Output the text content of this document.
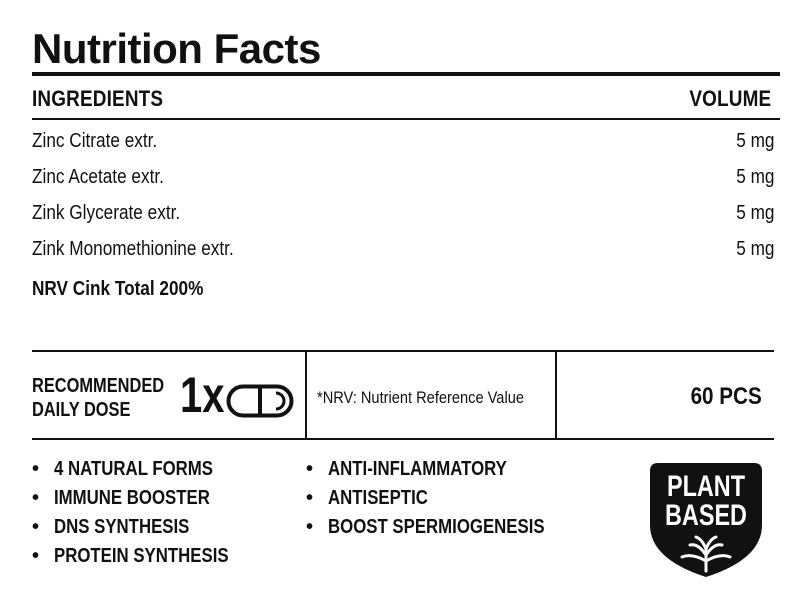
Nutrition Facts
INGREDIENTS	VOLUME
Zinc Citrate extr.	5 mg
Zinc Acetate extr.	5 mg
Zink Glycerate extr.	5 mg
Zink Monomethionine extr.	5 mg
NRV Cink Total 200%
RECOMMENDED
DAILY DOSE 1x	*NRV: Nutrient Reference Value	60 PCS
• 4 NATURAL FORMS
• IMMUNE BOOSTER
• DNS SYNTHESIS
• PROTEIN SYNTHESIS
• ANTI-INFLAMMATORY
• ANTISEPTIC
• BOOST SPERMIOGENESIS
PLANT
BASED
